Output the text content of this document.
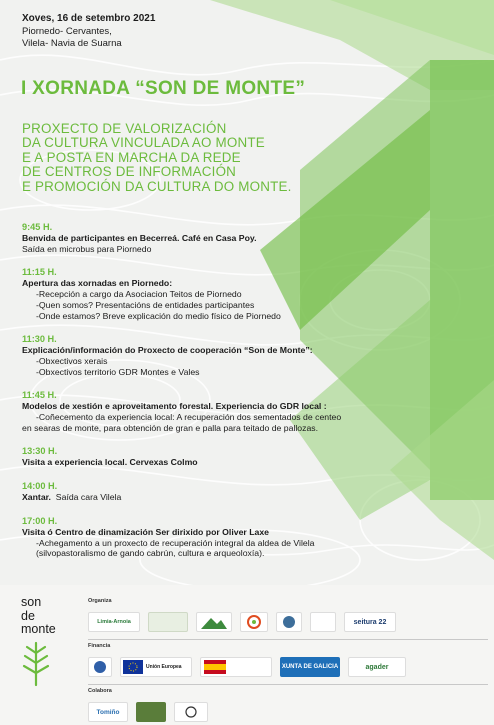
Xoves, 16 de setembro 2021
Piornedo- Cervantes,
Vilela- Navia de Suarna
I XORNADA “SON DE MONTE”
PROXECTO DE VALORIZACIÓN
DA CULTURA VINCULADA AO MONTE
E A POSTA EN MARCHA DA REDE
DE CENTROS DE INFORMACIÓN
E PROMOCIÓN DA CULTURA DO MONTE.
9:45 H.
Benvida de participantes en Becerreá. Café en Casa Poy.
Saída en microbus para Piornedo
11:15 H.
Apertura das xornadas en Piornedo:
-Recepción a cargo da Asociacion Teitos de Piornedo
-Quen somos? Presentacións de entidades participantes
-Onde estamos? Breve explicación do medio físico de Piornedo
11:30 H.
Explicación/información do Proxecto de cooperación “Son de Monte”:
-Obxectivos xerais
-Obxectivos territorio GDR Montes e Vales
11:45 H.
Modelos de xestión e aproveitamento forestal. Experiencia do GDR local :
-Coñecemento da experiencia local: A recuperación dos sementados de centeo
en searas de monte, para obtención de gran e palla para teitado de pallozas.
13:30 H.
Visita a experiencia local. Cervexas Colmo
14:00 H.
Xantar.  Saída cara Vilela
17:00 H.
Visita ó Centro de dinamización Ser dirixido por Oliver Laxe
-Achegamento a un proxecto de recuperación integral da aldea de Vilela
(silvopastoralismo de gando cabrún, cultura e arqueoloxía).
son
de
monte
Organiza
Limia-Arnoia	seitura 22
Financia
Unión Europea	XUNTA DE GALICIA	agader
Colabora
Tomiño
